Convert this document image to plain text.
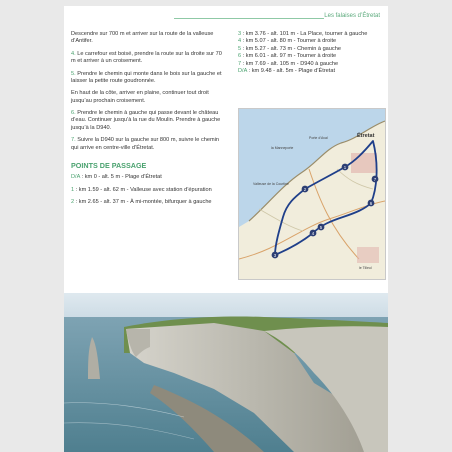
Les falaises d’Étretat

Descendre sur 700 m et arriver sur la route de la valleuse d’Antifer.

4. Le carrefour est boisé, prendre la route sur la droite sur 70 m et arriver à un croisement.

5. Prendre le chemin qui monte dans le bois sur la gauche et laisser la petite route goudronnée.

En haut de la côte, arriver en plaine, continuer tout droit jusqu’au prochain croisement.

6. Prendre le chemin à gauche qui passe devant le château d’eau. Continuer jusqu’à la rue du Moulin. Prendre à gauche jusqu’à la D940.

7. Suivre la D940 sur la gauche sur 800 m, suivre le chemin qui arrive en centre-ville d’Étretat.

POINTS DE PASSAGE

D/A : km 0 - alt. 5 m - Plage d’Étretat

1 : km 1.59 - alt. 62 m - Valleuse avec station d’épuration

2 : km 2.65 - alt. 37 m - À mi-montée, bifurquer à gauche

3 : km 3.76 - alt. 101 m - La Place, tourner à gauche

4 : km 5.07 - alt. 80 m - Tourner à droite

5 : km 5.27 - alt. 73 m - Chemin à gauche

6 : km 6.01 - alt. 97 m - Tourner à droite

7 : km 7.69 - alt. 105 m - D940 à gauche

D/A : km 9.48 - alt. 5m - Plage d’Étretat

Étretat
Porte d'Aval
la Manneporte
Valleuse de la Courtine
le Tilleul
1
2
3
4
5
6
7
